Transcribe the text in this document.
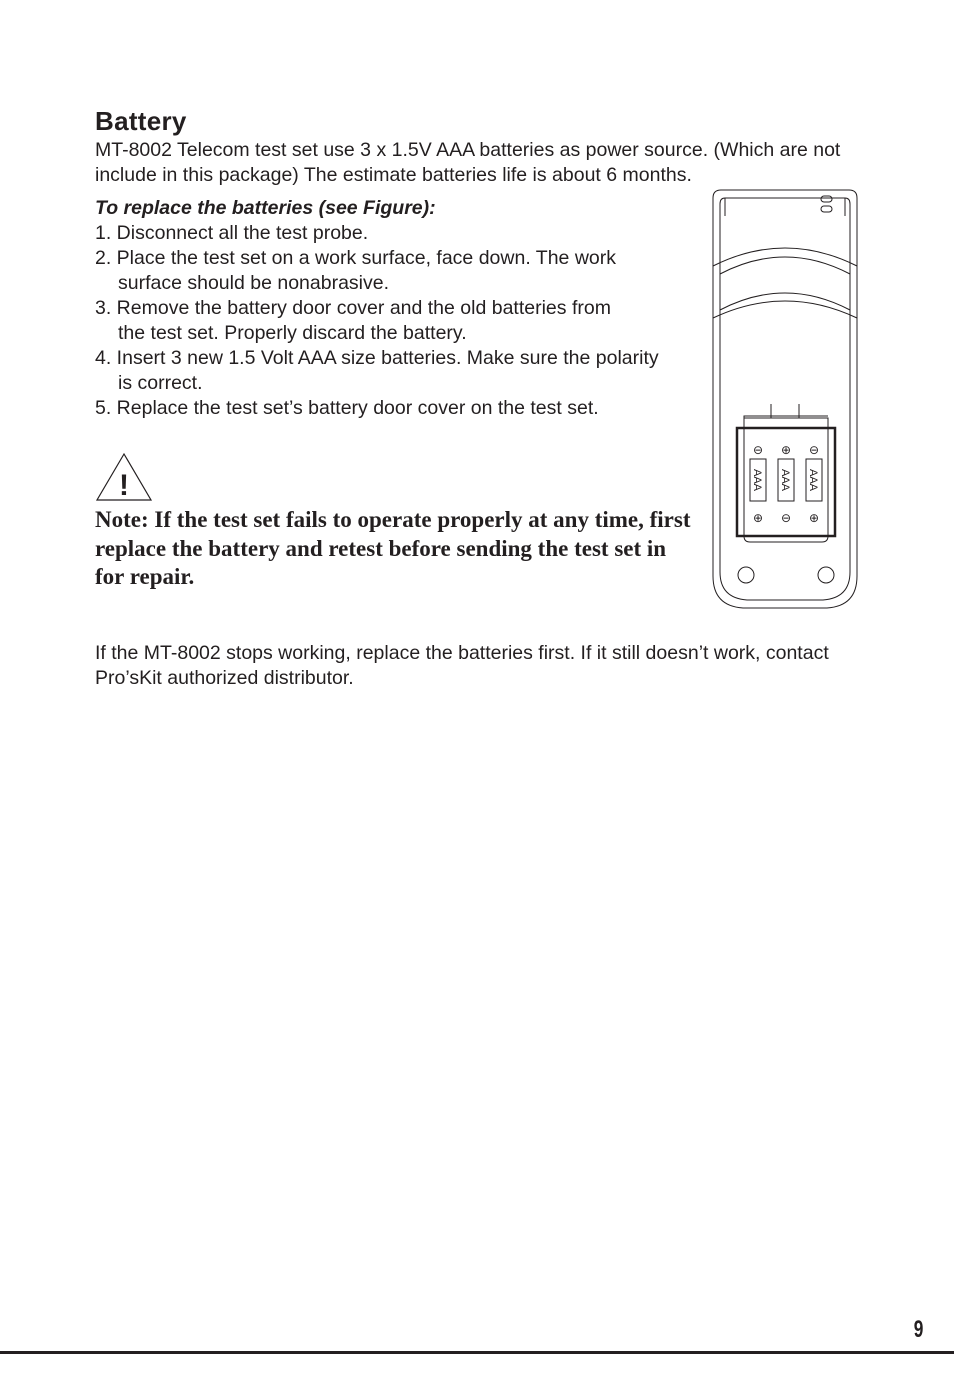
Battery
MT-8002 Telecom test set use 3 x 1.5V AAA batteries as power source. (Which are not include in this package) The estimate batteries life is about 6 months.
To replace the batteries (see Figure):
1. Disconnect all the test probe.
2. Place the test set on a work surface, face down. The work
surface should be nonabrasive.
3. Remove the battery door cover and the old batteries from
the test set. Properly discard the battery.
4. Insert 3 new 1.5 Volt AAA size batteries. Make sure the polarity
is correct.
5. Replace the test set’s battery door cover on the test set.
!
Note: If the test set fails to operate properly at any time, first replace the battery and retest before sending the test set in for repair.
⊖ ⊕ ⊖
⊕ ⊖ ⊕
AAA AAA AAA
If the MT-8002 stops working, replace the batteries first. If it still doesn’t work, contact Pro’sKit authorized distributor.
9
